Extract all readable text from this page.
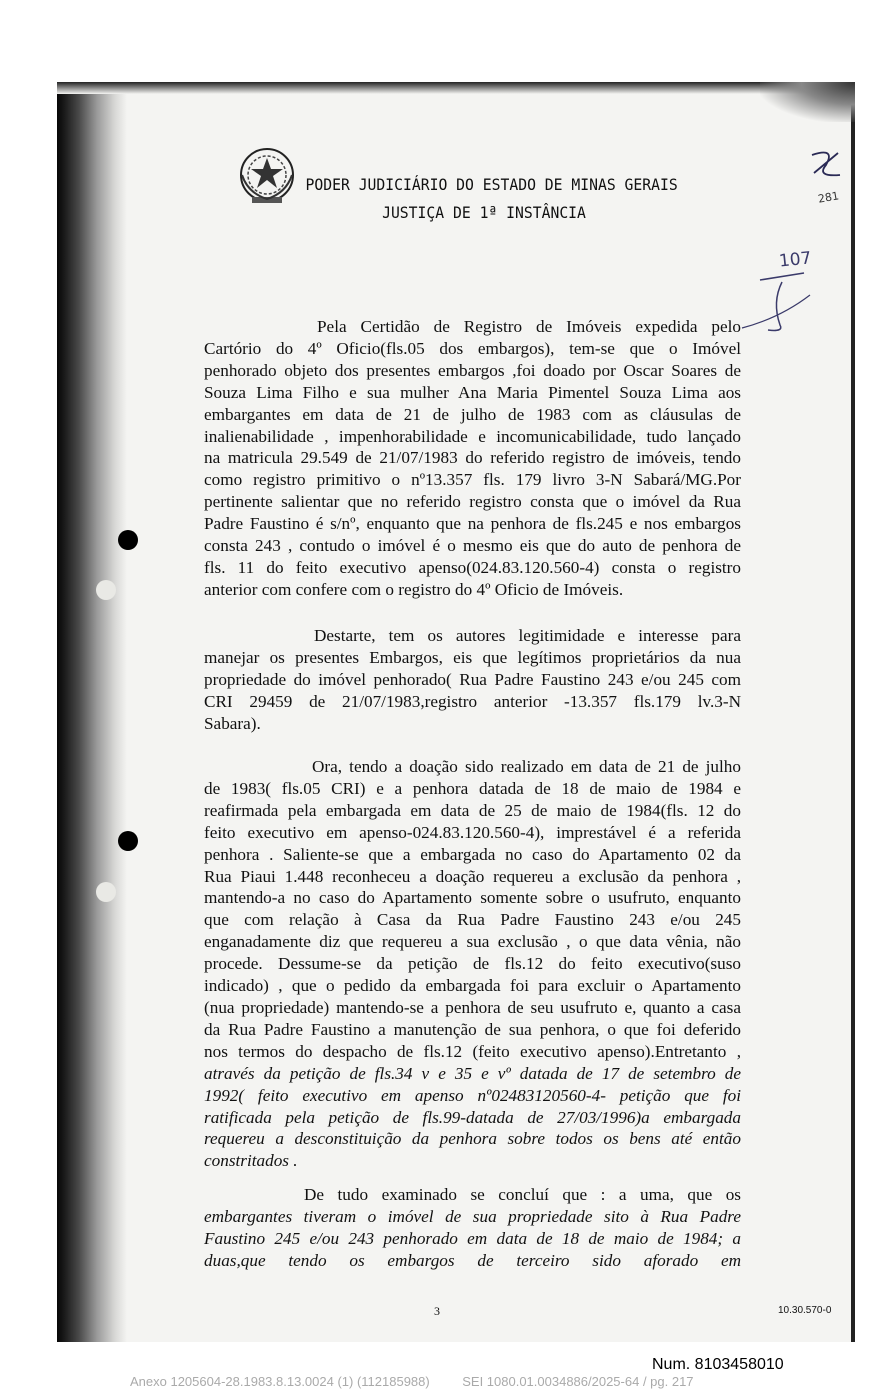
PODER JUDICIÁRIO DO ESTADO DE MINAS GERAIS
JUSTIÇA DE 1ª INSTÂNCIA
107
281
Pela Certidão de Registro de Imóveis expedida pelo
Cartório do 4º Oficio(fls.05 dos embargos), tem-se que o Imóvel
penhorado objeto dos presentes embargos ,foi doado por Oscar Soares de
Souza Lima Filho e sua mulher Ana Maria Pimentel Souza Lima aos
embargantes em data de 21 de julho de 1983 com as cláusulas de
inalienabilidade , impenhorabilidade e incomunicabilidade, tudo lançado
na matricula 29.549 de 21/07/1983 do referido registro de imóveis, tendo
como registro primitivo o nº13.357 fls. 179 livro 3-N Sabará/MG.Por
pertinente salientar que no referido registro consta que o imóvel da Rua
Padre Faustino é s/nº, enquanto que na penhora de fls.245 e nos embargos
consta 243 , contudo o imóvel é o mesmo eis que do auto de penhora de
fls. 11 do feito executivo apenso(024.83.120.560-4) consta o registro
anterior com confere com o registro do 4º Oficio de Imóveis.
Destarte, tem os autores legitimidade e interesse para
manejar os presentes Embargos, eis que legítimos proprietários da nua
propriedade do imóvel penhorado( Rua Padre Faustino 243 e/ou 245 com
CRI 29459 de 21/07/1983,registro anterior -13.357 fls.179 lv.3-N
Sabara).
Ora, tendo a doação sido realizado em data de 21 de julho
de 1983( fls.05 CRI) e a penhora datada de 18 de maio de 1984 e
reafirmada pela embargada em data de 25 de maio de 1984(fls. 12 do
feito executivo em apenso-024.83.120.560-4), imprestável é a referida
penhora . Saliente-se que a embargada no caso do Apartamento 02 da
Rua Piaui 1.448 reconheceu a doação requereu a exclusão da penhora ,
mantendo-a no caso do Apartamento somente sobre o usufruto, enquanto
que com relação à Casa da Rua Padre Faustino 243 e/ou 245
enganadamente diz que requereu a sua exclusão , o que data vênia, não
procede. Dessume-se da petição de fls.12 do feito executivo(suso
indicado) , que o pedido da embargada foi para excluir o Apartamento
(nua propriedade) mantendo-se a penhora de seu usufruto e, quanto a casa
da Rua Padre Faustino a manutenção de sua penhora, o que foi deferido
nos termos do despacho de fls.12 (feito executivo apenso).Entretanto ,
através da petição de fls.34 v e 35 e vº datada de 17 de setembro de
1992( feito executivo em apenso nº02483120560-4- petição que foi
ratificada pela petição de fls.99-datada de 27/03/1996)a embargada
requereu a desconstituição da penhora sobre todos os bens até então
constritados .
De tudo examinado se concluí que : a uma, que os
embargantes tiveram o imóvel de sua propriedade sito à Rua Padre
Faustino 245 e/ou 243 penhorado em data de 18 de maio de 1984; a
duas,que tendo os embargos de terceiro sido aforado em
3	10.30.570-0
Num. 8103458010
Anexo 1205604-28.1983.8.13.0024 (1) (112185988)         SEI 1080.01.0034886/2025-64 / pg. 217
